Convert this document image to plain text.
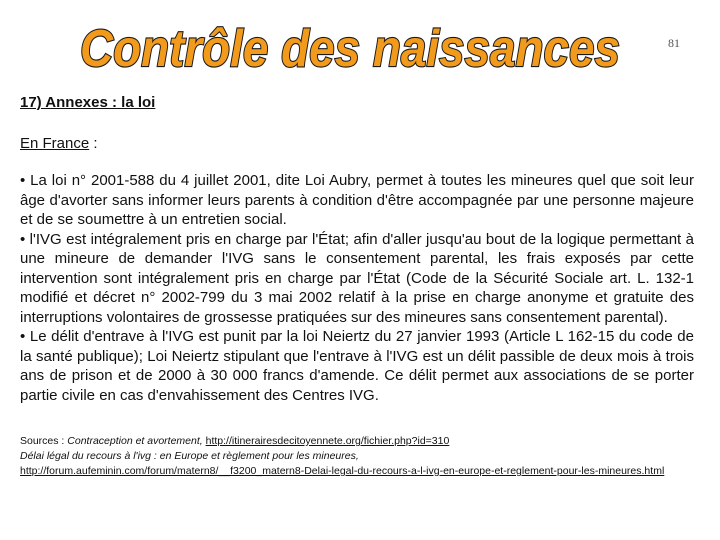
Contrôle des naissances	81
17) Annexes : la loi
En France :

• La loi n° 2001-588 du 4 juillet 2001, dite Loi Aubry, permet à toutes les mineures quel que soit leur âge d'avorter sans informer leurs parents à condition d'être accompagnée par une personne majeure et de se soumettre à un entretien social.

• l'IVG est intégralement pris en charge par l'État; afin d'aller jusqu'au bout de la logique permettant à une mineure de demander l'IVG sans le consentement parental, les frais exposés par cette intervention sont intégralement pris en charge par l'État (Code de la Sécurité Sociale art. L. 132-1 modifié et décret n° 2002-799 du 3 mai 2002 relatif à la prise en charge anonyme et gratuite des interruptions volontaires de grossesse pratiquées sur des mineures sans consentement parental).

• Le délit d'entrave à l'IVG est punit par la loi Neiertz du 27 janvier 1993 (Article L 162-15 du code de la santé publique); Loi Neiertz stipulant que l'entrave à l'IVG est un délit passible de deux mois à trois ans de prison et de 2000 à 30 000 francs d'amende. Ce délit permet aux associations de se porter partie civile en cas d'envahissement des Centres IVG.

Sources : Contraception et avortement, http://itinerairesdecitoyennete.org/fichier.php?id=310

Délai légal du recours à l'ivg : en Europe et règlement pour les mineures,

http://forum.aufeminin.com/forum/matern8/__f3200_matern8-Delai-legal-du-recours-a-l-ivg-en-europe-et-reglement-pour-les-mineures.html
